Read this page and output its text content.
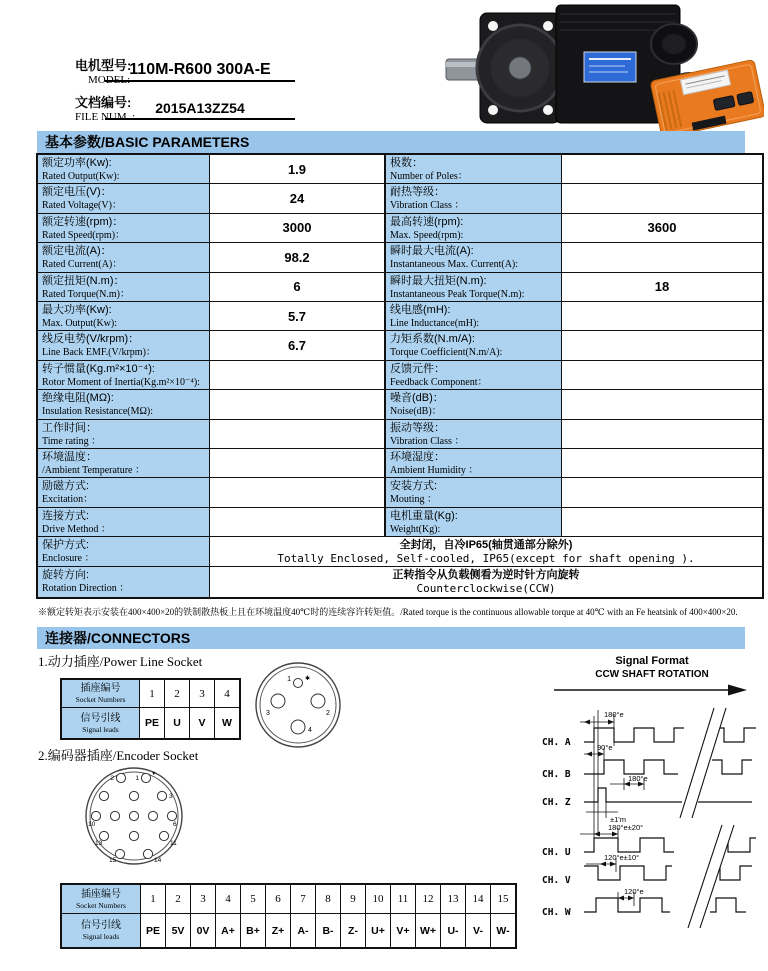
电机型号:
MODEL:
110M-R600 300A-E
文档编号:
FILE NUM. :
2015A13ZZ54
基本参数/BASIC PARAMETERS
额定功率(Kw):
Rated Output(Kw):	1.9	极数：
Number of Poles：
额定电压(V)：
Rated Voltage(V)：	24	耐热等级：
Vibration Class ：
额定转速(rpm)：
Rated Speed(rpm)：	3000	最高转速(rpm):
Max. Speed(rpm):	3600
额定电流(A)：
Rated Current(A)：	98.2	瞬时最大电流(A):
Instantaneous Max. Current(A):
额定扭矩(N.m)：
Rated Torque(N.m)：	6	瞬时最大扭矩(N.m):
Instantaneous Peak Torque(N.m):	18
最大功率(Kw):
Max. Output(Kw):	5.7	线电感(mH):
Line Inductance(mH):
线反电势(V/krpm)：
Line Back EMF.(V/krpm)：	6.7	力矩系数(N.m/A):
Torque Coefficient(N.m/A):
转子惯量(Kg.m²×10⁻⁴):
Rotor Moment of Inertia(Kg.m²×10⁻⁴):
反馈元件：
Feedback Component：
绝缘电阻(MΩ):
Insulation Resistance(MΩ):
噪音(dB)：
Noise(dB)：
工作时间：
Time rating ：
振动等级：
Vibration Class ：
环境温度：
/Ambient Temperature ：
环境湿度：
Ambient Humidity ：
励磁方式:
Excitation：
安装方式:
Mouting ：
连接方式:
Drive Method ：
电机重量(Kg):
Weight(Kg):
保护方式:
Enclosure ：
全封闭，自冷IP65(轴贯通部分除外)
Totally Enclosed, Self-cooled, IP65(except for shaft opening ).
旋转方向:
Rotation Direction ：
正转指令从负载侧看为逆时针方向旋转
Counterclockwise(CCW)
※额定转矩表示安装在400×400×20的铁制散热板上且在环境温度40℃时的连续容许转矩值。/Rated torque is the continuous allowable torque at 40℃ with an Fe heatsink of 400×400×20.
连接器/CONNECTORS
1.动力插座/Power Line Socket
插座编号
Socket Numbers	1	2	3	4
信号引线
Signal leads	PE	U	V	W
1 ✱
3	2
4
2.编码器插座/Encoder Socket
2	1
▼
3
10	6
13	11
15	14
插座编号
Socket Numbers	1	2	3	4	5	6	7	8	9	10	11	12	13	14	15
信号引线
Signal leads	PE	5V	0V	A+	B+	Z+	A-	B-	Z-	U+	V+ W+	U-	V-	W-
Signal Format
CCW SHAFT ROTATION
CH. A
CH. B
CH. Z
CH. U
CH. V
CH. W
180°e
90°e
180°e
±1'm
180°e±20°
120°e±10°
120°e
